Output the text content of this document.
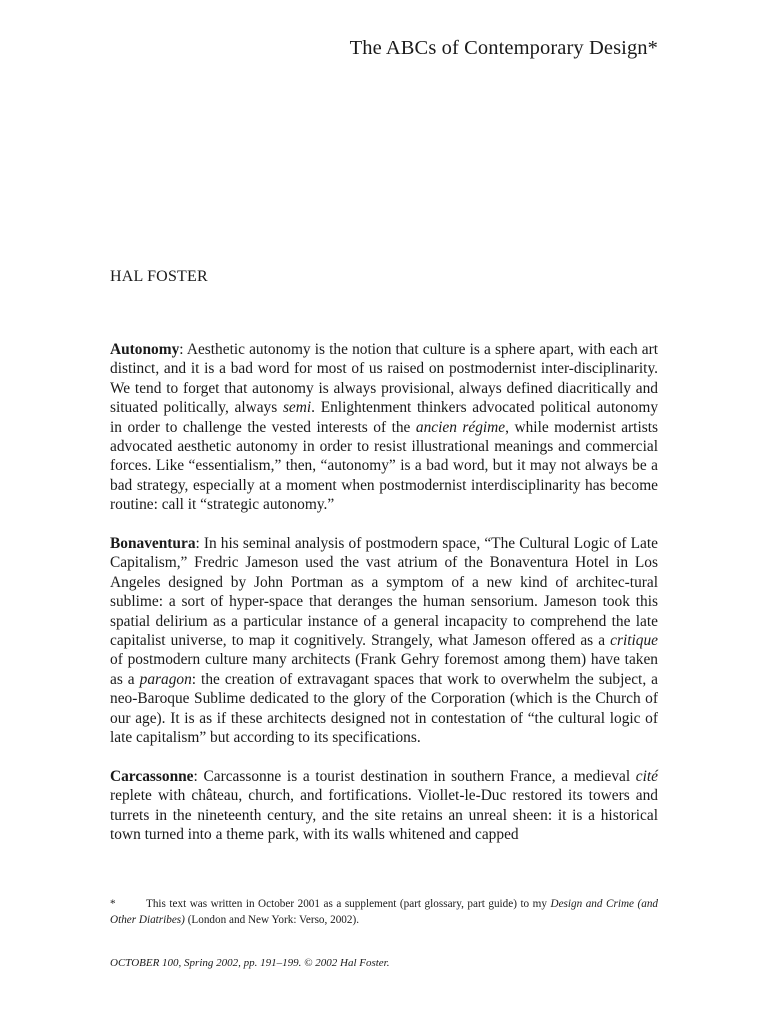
The ABCs of Contemporary Design*
HAL FOSTER

Autonomy: Aesthetic autonomy is the notion that culture is a sphere apart, with each art distinct, and it is a bad word for most of us raised on postmodernist inter-disciplinarity. We tend to forget that autonomy is always provisional, always defined diacritically and situated politically, always semi. Enlightenment thinkers advocated political autonomy in order to challenge the vested interests of the ancien régime, while modernist artists advocated aesthetic autonomy in order to resist illustrational meanings and commercial forces. Like “essentialism,” then, “autonomy” is a bad word, but it may not always be a bad strategy, especially at a moment when postmodernist interdisciplinarity has become routine: call it “strategic autonomy.”

Bonaventura: In his seminal analysis of postmodern space, “The Cultural Logic of Late Capitalism,” Fredric Jameson used the vast atrium of the Bonaventura Hotel in Los Angeles designed by John Portman as a symptom of a new kind of architec-tural sublime: a sort of hyper-space that deranges the human sensorium. Jameson took this spatial delirium as a particular instance of a general incapacity to comprehend the late capitalist universe, to map it cognitively. Strangely, what Jameson offered as a critique of postmodern culture many architects (Frank Gehry foremost among them) have taken as a paragon: the creation of extravagant spaces that work to overwhelm the subject, a neo-Baroque Sublime dedicated to the glory of the Corporation (which is the Church of our age). It is as if these architects designed not in contestation of “the cultural logic of late capitalism” but according to its specifications.

Carcassonne: Carcassonne is a tourist destination in southern France, a medieval cité replete with château, church, and fortifications. Viollet-le-Duc restored its towers and turrets in the nineteenth century, and the site retains an unreal sheen: it is a historical town turned into a theme park, with its walls whitened and capped

*	This text was written in October 2001 as a supplement (part glossary, part guide) to my Design and Crime (and Other Diatribes) (London and New York: Verso, 2002).
OCTOBER 100, Spring 2002, pp. 191–199. © 2002 Hal Foster.
